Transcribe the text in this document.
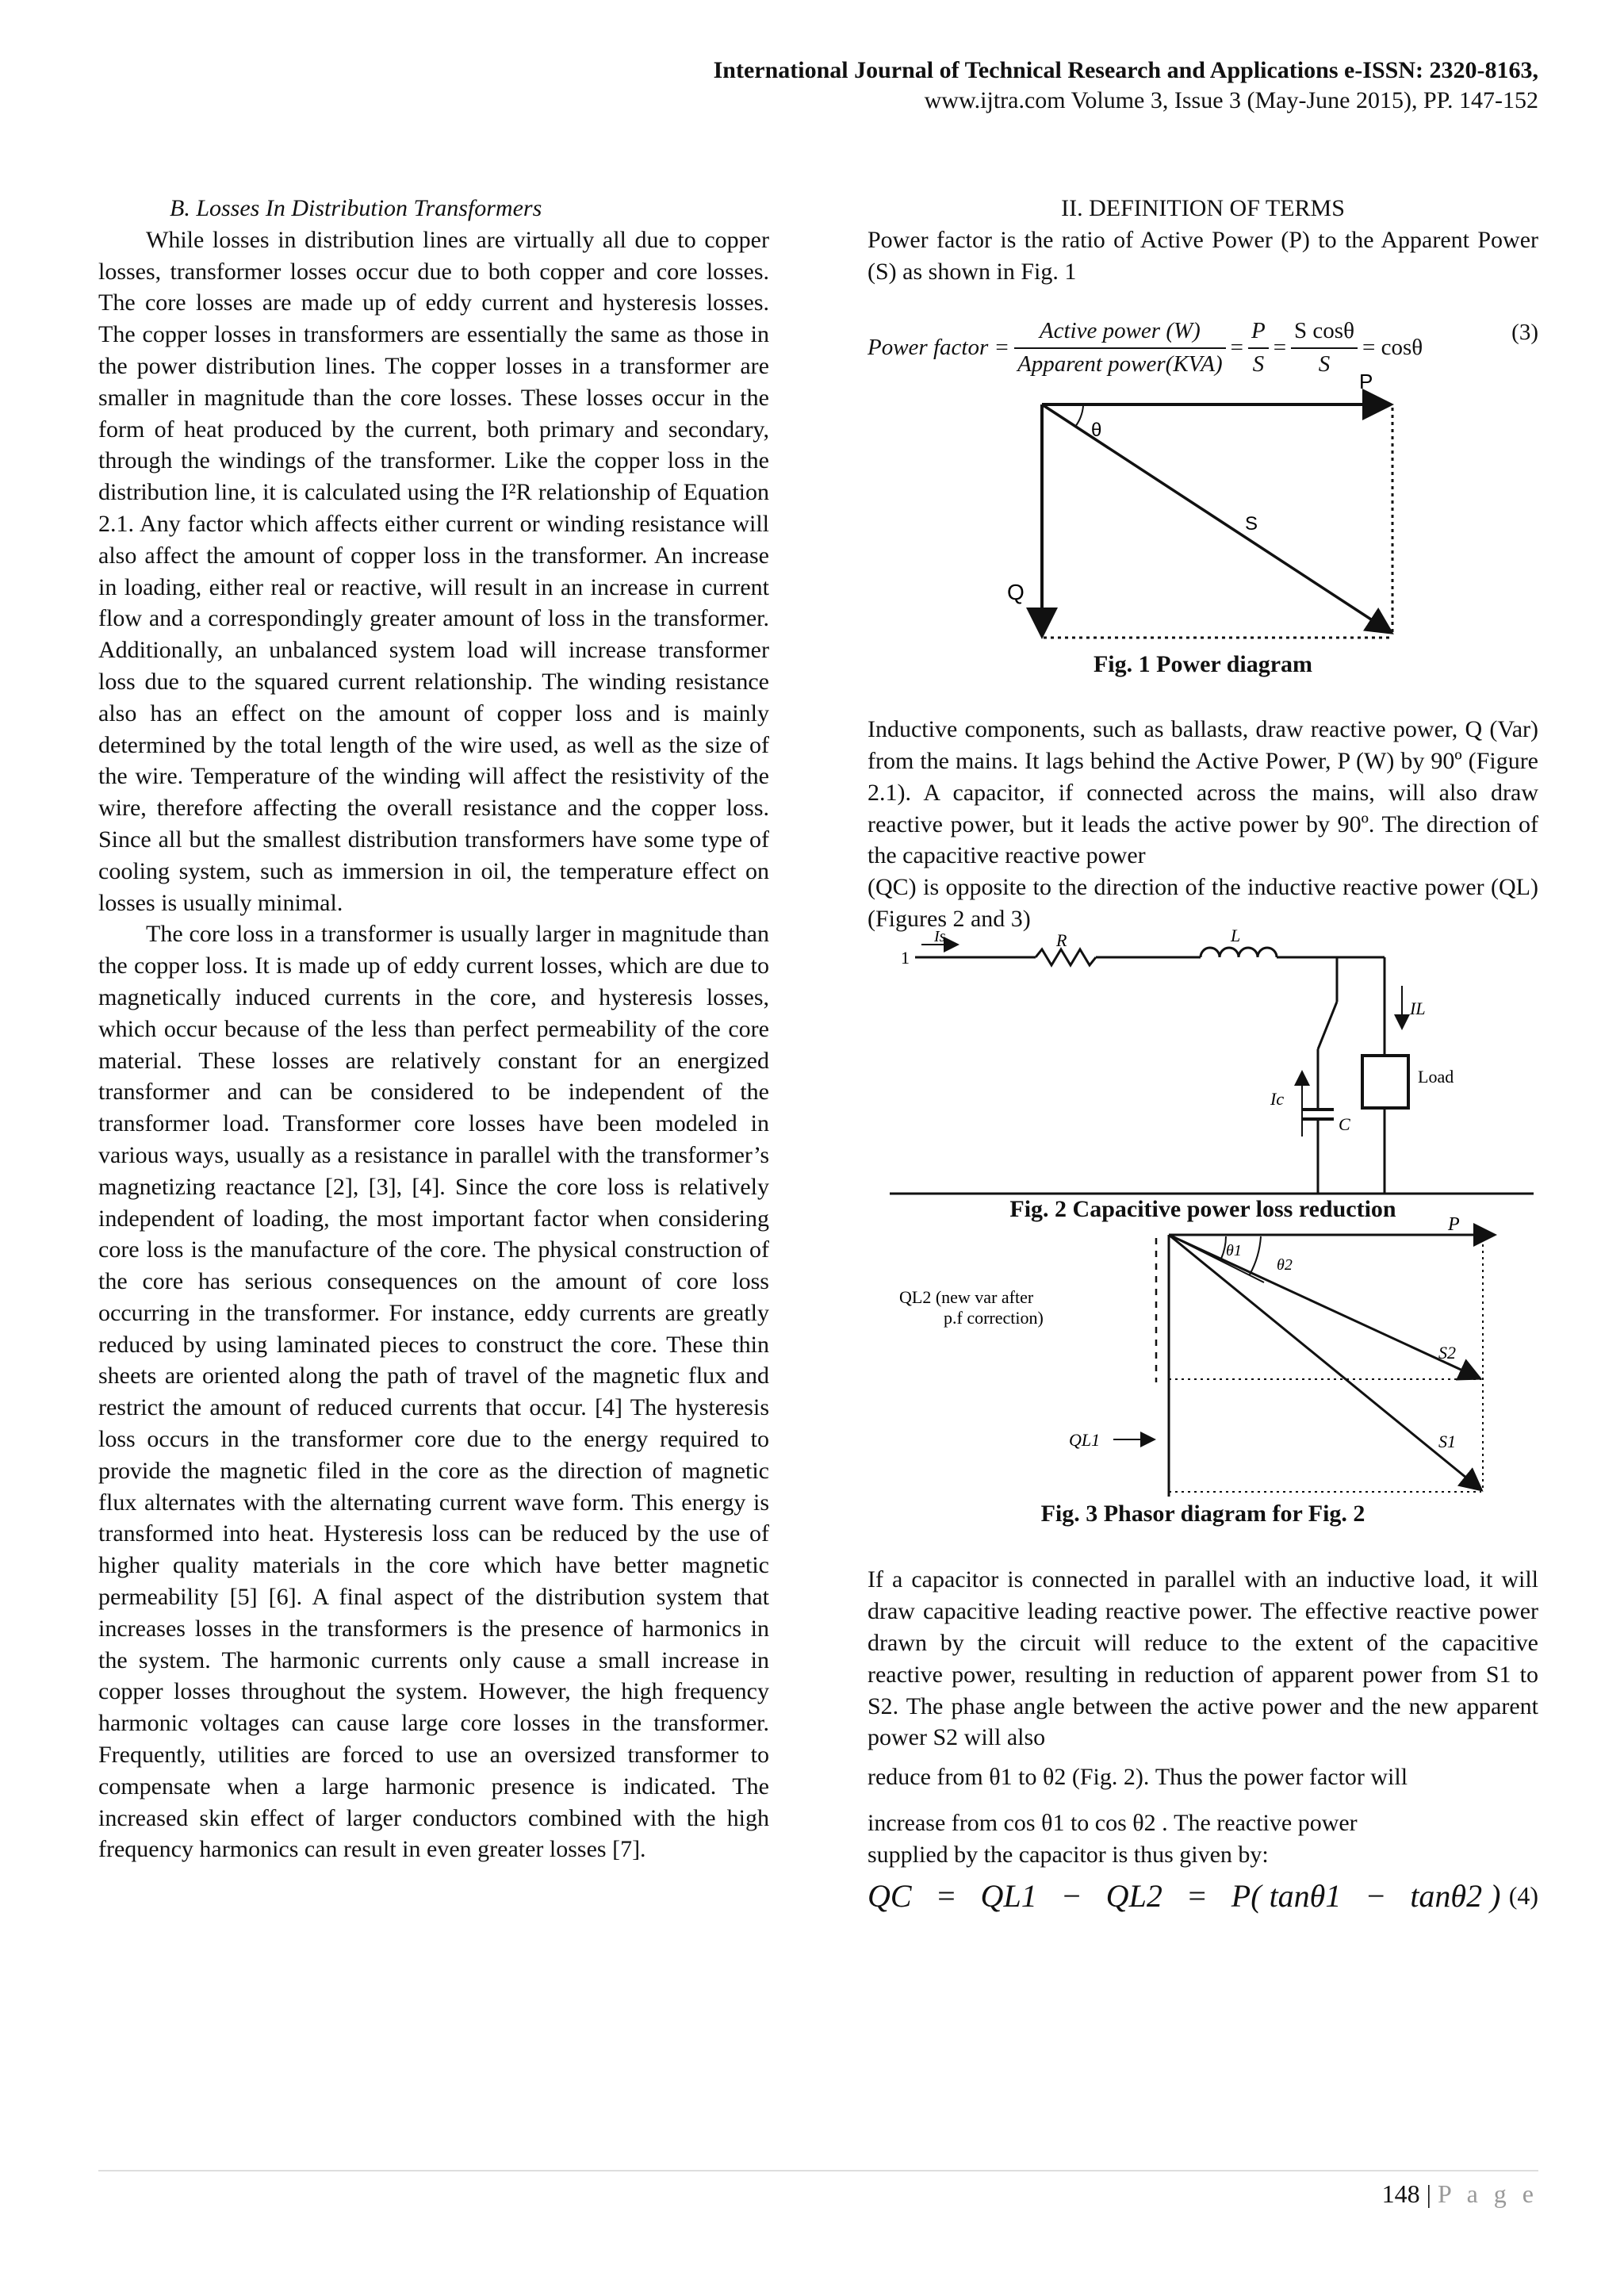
International Journal of Technical Research and Applications e-ISSN: 2320-8163,
www.ijtra.com Volume 3, Issue 3 (May-June 2015), PP. 147-152
B. Losses In Distribution Transformers
While losses in distribution lines are virtually all due to copper losses, transformer losses occur due to both copper and core losses. The core losses are made up of eddy current and hysteresis losses. The copper losses in transformers are essentially the same as those in the power distribution lines. The copper losses in a transformer are smaller in magnitude than the core losses. These losses occur in the form of heat produced by the current, both primary and secondary, through the windings of the transformer. Like the copper loss in the distribution line, it is calculated using the I²R relationship of Equation 2.1. Any factor which affects either current or winding resistance will also affect the amount of copper loss in the transformer. An increase in loading, either real or reactive, will result in an increase in current flow and a correspondingly greater amount of loss in the transformer. Additionally, an unbalanced system load will increase transformer loss due to the squared current relationship. The winding resistance also has an effect on the amount of copper loss and is mainly determined by the total length of the wire used, as well as the size of the wire. Temperature of the winding will affect the resistivity of the wire, therefore affecting the overall resistance and the copper loss. Since all but the smallest distribution transformers have some type of cooling system, such as immersion in oil, the temperature effect on losses is usually minimal.
The core loss in a transformer is usually larger in magnitude than the copper loss. It is made up of eddy current losses, which are due to magnetically induced currents in the core, and hysteresis losses, which occur because of the less than perfect permeability of the core material. These losses are relatively constant for an energized transformer and can be considered to be independent of the transformer load. Transformer core losses have been modeled in various ways, usually as a resistance in parallel with the transformer’s magnetizing reactance [2], [3], [4]. Since the core loss is relatively independent of loading, the most important factor when considering core loss is the manufacture of the core. The physical construction of the core has serious consequences on the amount of core loss occurring in the transformer. For instance, eddy currents are greatly reduced by using laminated pieces to construct the core. These thin sheets are oriented along the path of travel of the magnetic flux and restrict the amount of reduced currents that occur. [4] The hysteresis loss occurs in the transformer core due to the energy required to provide the magnetic filed in the core as the direction of magnetic flux alternates with the alternating current wave form. This energy is transformed into heat. Hysteresis loss can be reduced by the use of higher quality materials in the core which have better magnetic permeability [5] [6]. A final aspect of the distribution system that increases losses in the transformers is the presence of harmonics in the system. The harmonic currents only cause a small increase in copper losses throughout the system. However, the high frequency harmonic voltages can cause large core losses in the transformer. Frequently, utilities are forced to use an oversized transformer to compensate when a large harmonic presence is indicated. The increased skin effect of larger conductors combined with the high frequency harmonics can result in even greater losses [7].
II. DEFINITION OF TERMS
Power factor is the ratio of Active Power (P) to the Apparent Power (S) as shown in Fig. 1
Power factor = $\frac{\text{Active power (W)}}{\text{Apparent power(KVA)}} = \frac{P}{S} = \frac{\text{S cosθ}}{S} = \cos\theta$
(3)
P
θ
S
Q
Fig. 1 Power diagram
Inductive components, such as ballasts, draw reactive power, Q (Var) from the mains. It lags behind the Active Power, P (W) by 90º (Figure 2.1). A capacitor, if connected across the mains, will also draw reactive power, but it leads the active power by 90º. The direction of the capacitive reactive power
(QC) is opposite to the direction of the inductive reactive power (QL) (Figures 2 and 3)
1
Is	R	L
IL
Load
Ic
C
Fig. 2 Capacitive power loss reduction
P
θ1
θ2
QL2 (new var after
p.f correction)
QL1
S2
S1
Fig. 3 Phasor diagram for Fig. 2
If a capacitor is connected in parallel with an inductive load, it will draw capacitive leading reactive power. The effective reactive power drawn by the circuit will reduce to the extent of the capacitive reactive power, resulting in reduction of apparent power from S1 to S2. The phase angle between the active power and the new apparent power S2 will also
reduce from θ1 to θ2 (Fig. 2). Thus the power factor will
increase from cos θ1 to cos θ2 . The reactive power
supplied by the capacitor is thus given by:
QC   =   QL1   −   QL2   =   P( tanθ1   −   tanθ2 ) (4)
148 | P a g e
